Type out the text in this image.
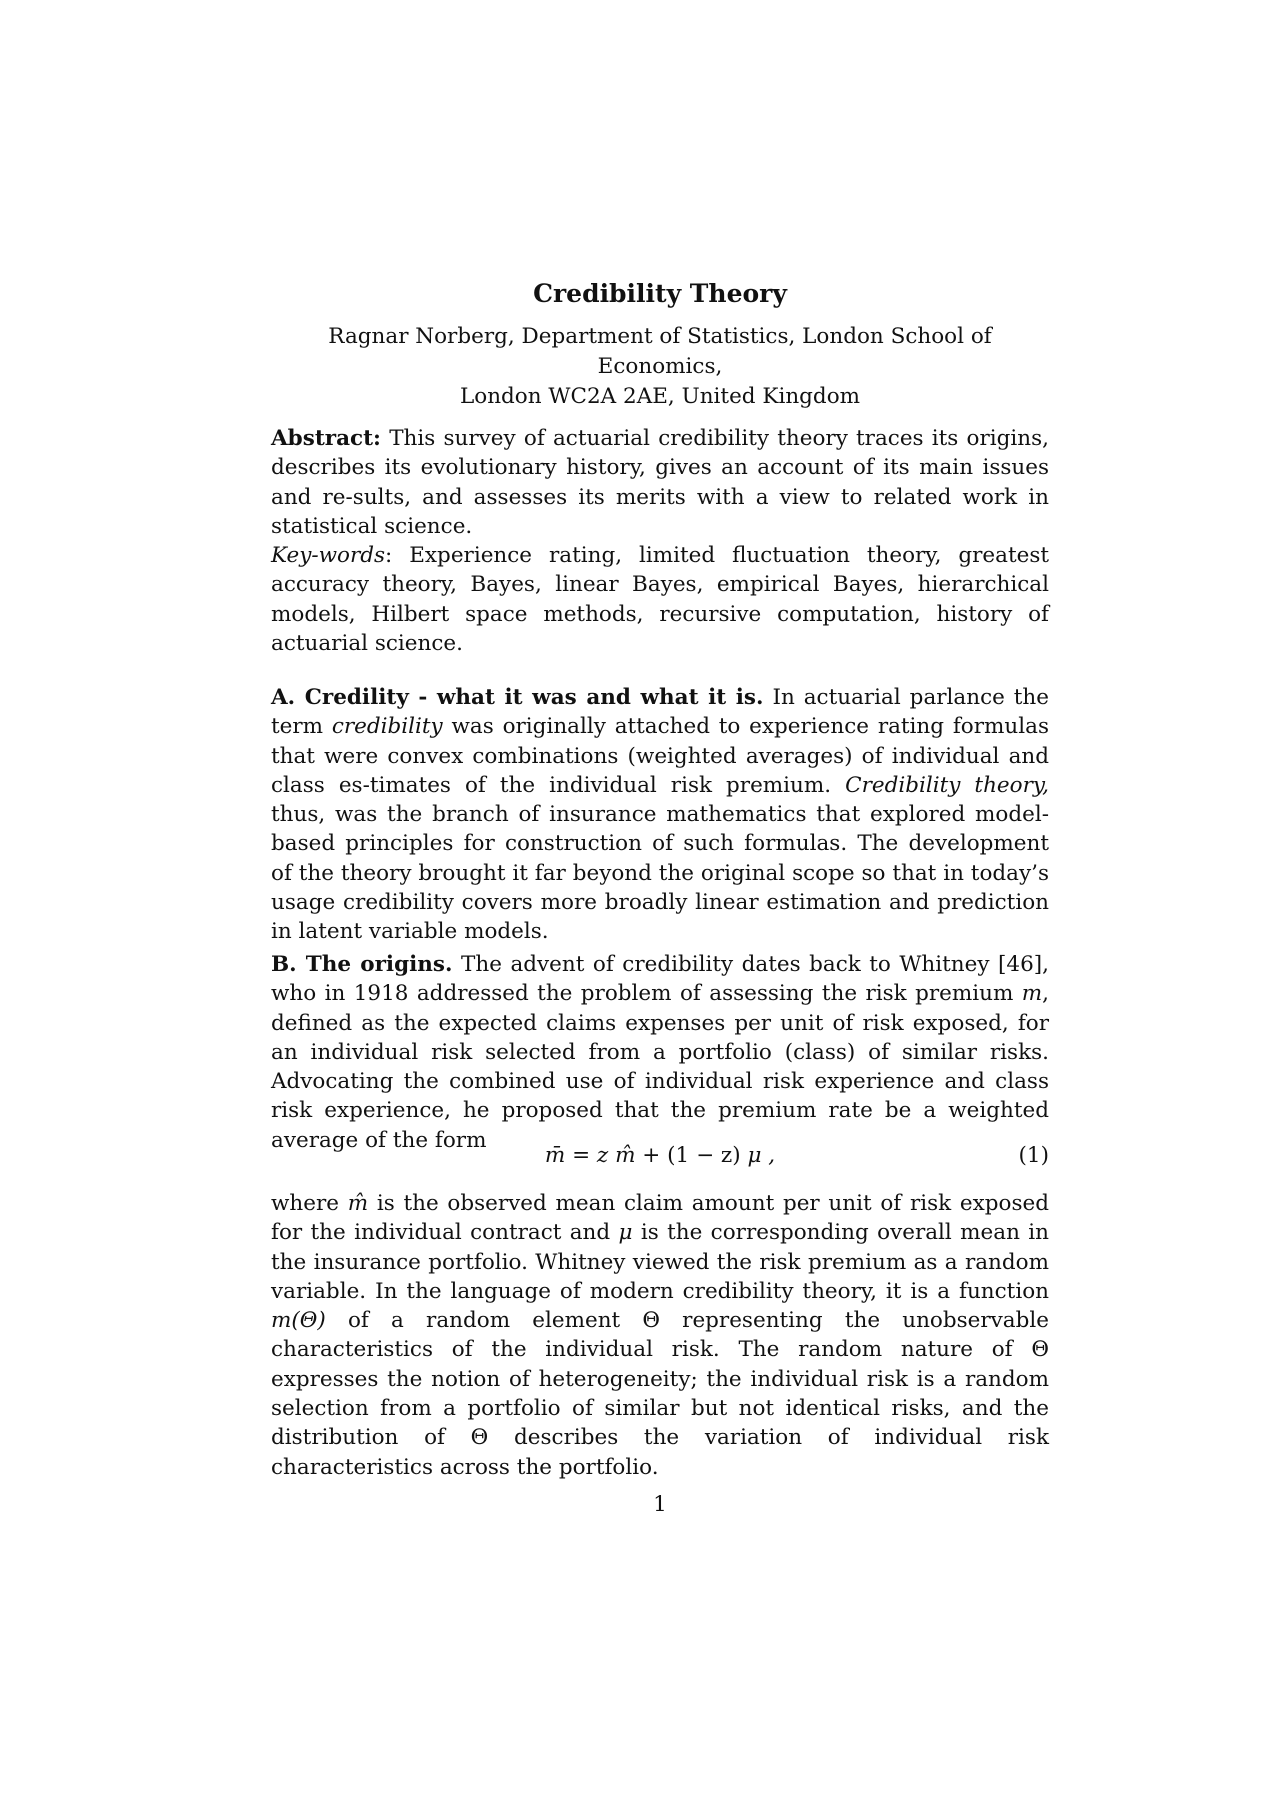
Credibility Theory
Ragnar Norberg, Department of Statistics, London School of Economics,
London WC2A 2AE, United Kingdom
Abstract: This survey of actuarial credibility theory traces its origins, describes its evolutionary history, gives an account of its main issues and re-sults, and assesses its merits with a view to related work in statistical science.
Key-words: Experience rating, limited fluctuation theory, greatest accuracy theory, Bayes, linear Bayes, empirical Bayes, hierarchical models, Hilbert space methods, recursive computation, history of actuarial science.
A. Credility - what it was and what it is. In actuarial parlance the term credibility was originally attached to experience rating formulas that were convex combinations (weighted averages) of individual and class es-timates of the individual risk premium. Credibility theory, thus, was the branch of insurance mathematics that explored model-based principles for construction of such formulas. The development of the theory brought it far beyond the original scope so that in today’s usage credibility covers more broadly linear estimation and prediction in latent variable models.
B. The origins. The advent of credibility dates back to Whitney [46], who in 1918 addressed the problem of assessing the risk premium m, defined as the expected claims expenses per unit of risk exposed, for an individual risk selected from a portfolio (class) of similar risks. Advocating the combined use of individual risk experience and class risk experience, he proposed that the premium rate be a weighted average of the form
m̄ = z m̂ + (1 − z) μ ,	(1)
where m̂ is the observed mean claim amount per unit of risk exposed for the individual contract and μ is the corresponding overall mean in the insurance portfolio. Whitney viewed the risk premium as a random variable. In the language of modern credibility theory, it is a function m(Θ) of a random element Θ representing the unobservable characteristics of the individual risk. The random nature of Θ expresses the notion of heterogeneity; the individual risk is a random selection from a portfolio of similar but not identical risks, and the distribution of Θ describes the variation of individual risk characteristics across the portfolio.
1
